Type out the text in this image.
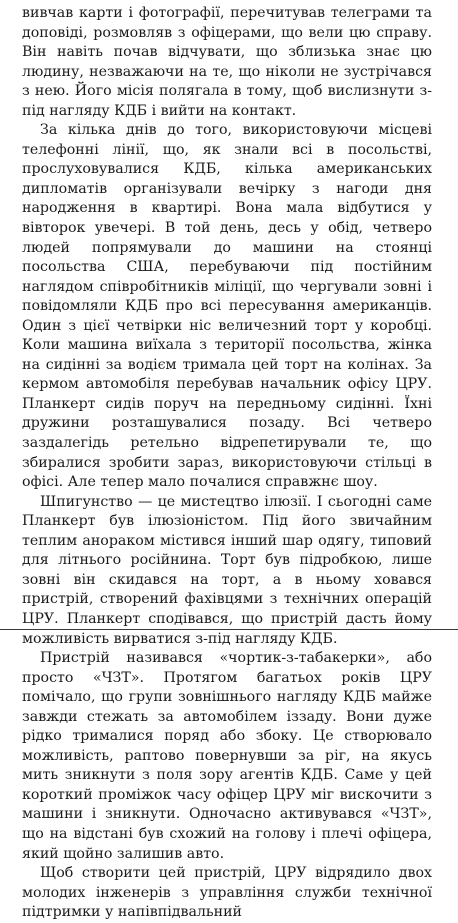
вивчав карти і фотографії, перечитував телеграми та доповіді, розмовляв з офіцерами, що вели цю справу. Він навіть почав відчувати, що зблизька знає цю людину, незважаючи на те, що ніколи не зустрічався з нею. Його місія полягала в тому, щоб вислизнути з-під нагляду КДБ і вийти на контакт.

За кілька днів до того, використовуючи місцеві телефонні лінії, що, як знали всі в посольстві, прослуховувалися КДБ, кілька американських дипломатів організували вечірку з нагоди дня народження в квартирі. Вона мала відбутися у вівторок увечері. В той день, десь у обід, четверо людей попрямували до машини на стоянці посольства США, перебуваючи під постійним наглядом співробітників міліції, що чергували зовні і повідомляли КДБ про всі пересування американців. Один з цієї четвірки ніс величезний торт у коробці. Коли машина виїхала з території посольства, жінка на сидінні за водієм тримала цей торт на колінах. За кермом автомобіля перебував начальник офісу ЦРУ. Планкерт сидів поруч на передньому сидінні. Їхні дружини розташувалися позаду. Всі четверо заздалегідь ретельно відрепетирували те, що збиралися зробити зараз, використовуючи стільці в офісі. Але тепер мало почалися справжнє шоу.

Шпигунство — це мистецтво ілюзії. І сьогодні саме Планкерт був ілюзіоністом. Під його звичайним теплим анораком містився інший шар одягу, типовий для літнього російнина. Торт був підробкою, лише зовні він скидався на торт, а в ньому ховався пристрій, створений фахівцями з технічних операцій ЦРУ. Планкерт сподівався, що пристрій дасть йому можливість вирватися з-під нагляду КДБ.

Пристрій називався «чортик-з-табакерки», або просто «ЧЗТ». Протягом багатьох років ЦРУ помічало, що групи зовнішнього нагляду КДБ майже завжди стежать за автомобілем іззаду. Вони дуже рідко трималися поряд або збоку. Це створювало можливість, раптово повернувши за ріг, на якусь мить зникнути з поля зору агентів КДБ. Саме у цей короткий проміжок часу офіцер ЦРУ міг вискочити з машини і зникнути. Одночасно активувався «ЧЗТ», що на відстані був схожий на голову і плечі офіцера, який щойно залишив авто.

Щоб створити цей пристрій, ЦРУ відрядило двох молодих інженерів з управління служби технічної підтримки у напівпідвальний
